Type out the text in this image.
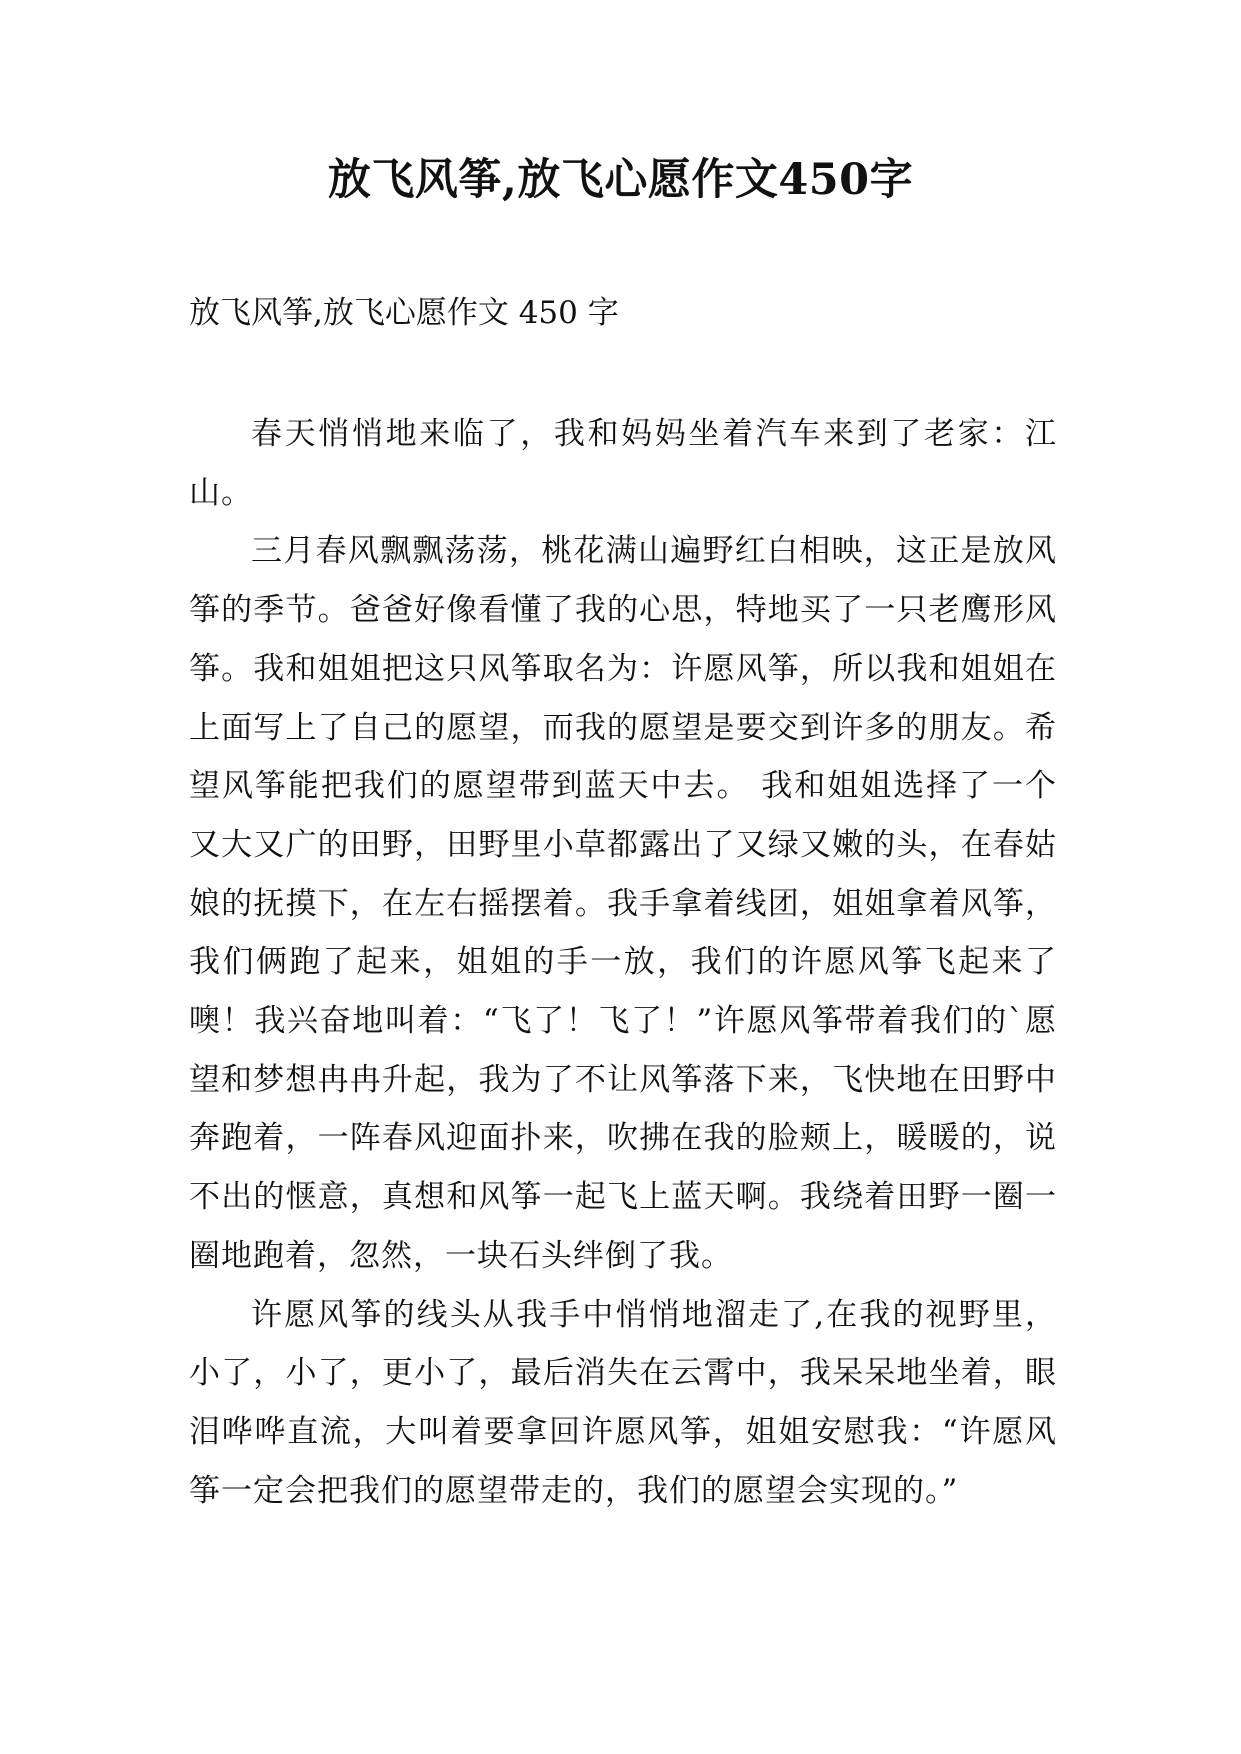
放飞风筝,放飞心愿作文450字

放飞风筝,放飞心愿作文 450 字

春天悄悄地来临了，我和妈妈坐着汽车来到了老家：江山。

三月春风飘飘荡荡，桃花满山遍野红白相映，这正是放风筝的季节。爸爸好像看懂了我的心思，特地买了一只老鹰形风筝。我和姐姐把这只风筝取名为：许愿风筝，所以我和姐姐在上面写上了自己的愿望，而我的愿望是要交到许多的朋友。希望风筝能把我们的愿望带到蓝天中去。 我和姐姐选择了一个又大又广的田野，田野里小草都露出了又绿又嫩的头，在春姑娘的抚摸下，在左右摇摆着。我手拿着线团，姐姐拿着风筝，我们俩跑了起来，姐姐的手一放，我们的许愿风筝飞起来了噢！我兴奋地叫着：“飞了！飞了！”许愿风筝带着我们的`愿望和梦想冉冉升起，我为了不让风筝落下来，飞快地在田野中奔跑着，一阵春风迎面扑来，吹拂在我的脸颊上，暖暖的，说不出的惬意，真想和风筝一起飞上蓝天啊。我绕着田野一圈一圈地跑着，忽然，一块石头绊倒了我。

许愿风筝的线头从我手中悄悄地溜走了,在我的视野里，小了，小了，更小了，最后消失在云霄中，我呆呆地坐着，眼泪哗哗直流，大叫着要拿回许愿风筝，姐姐安慰我：“许愿风筝一定会把我们的愿望带走的，我们的愿望会实现的。”
